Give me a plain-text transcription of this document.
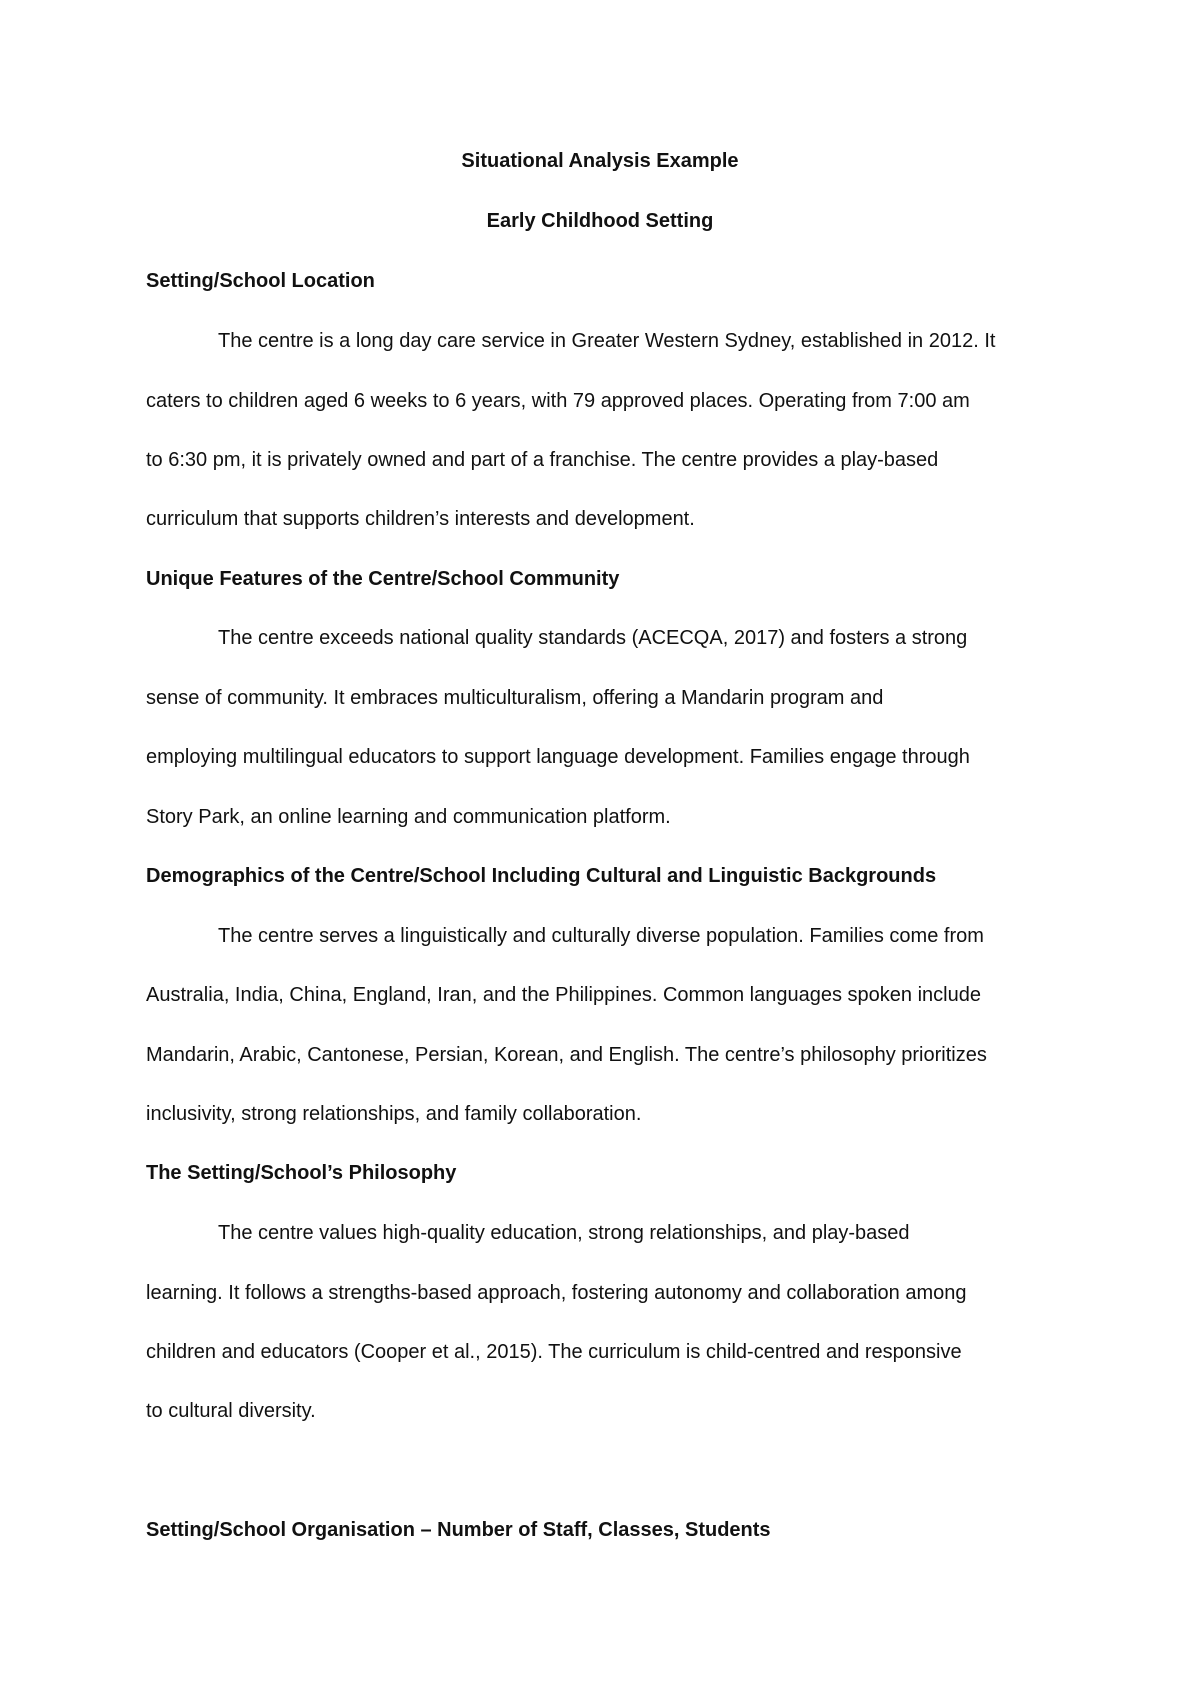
Situational Analysis Example
Early Childhood Setting
Setting/School Location
The centre is a long day care service in Greater Western Sydney, established in 2012. It
caters to children aged 6 weeks to 6 years, with 79 approved places. Operating from 7:00 am
to 6:30 pm, it is privately owned and part of a franchise. The centre provides a play-based
curriculum that supports children’s interests and development.
Unique Features of the Centre/School Community
The centre exceeds national quality standards (ACECQA, 2017) and fosters a strong
sense of community. It embraces multiculturalism, offering a Mandarin program and
employing multilingual educators to support language development. Families engage through
Story Park, an online learning and communication platform.
Demographics of the Centre/School Including Cultural and Linguistic Backgrounds
The centre serves a linguistically and culturally diverse population. Families come from
Australia, India, China, England, Iran, and the Philippines. Common languages spoken include
Mandarin, Arabic, Cantonese, Persian, Korean, and English. The centre’s philosophy prioritizes
inclusivity, strong relationships, and family collaboration.
The Setting/School’s Philosophy
The centre values high-quality education, strong relationships, and play-based
learning. It follows a strengths-based approach, fostering autonomy and collaboration among
children and educators (Cooper et al., 2015). The curriculum is child-centred and responsive
to cultural diversity.
Setting/School Organisation – Number of Staff, Classes, Students
